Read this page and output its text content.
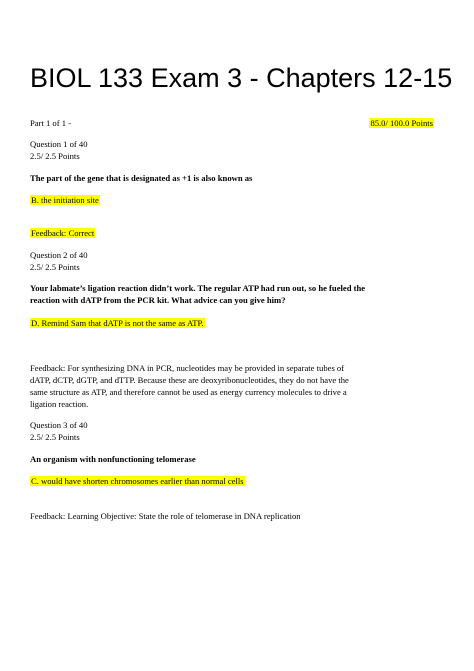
BIOL 133 Exam 3 - Chapters 12-15
Part 1 of 1 -	85.0/ 100.0 Points
Question 1 of 40
2.5/ 2.5 Points
The part of the gene that is designated as +1 is also known as
B. the initiation site
Feedback: Correct
Question 2 of 40
2.5/ 2.5 Points
Your labmate’s ligation reaction didn’t work. The regular ATP had run out, so he fueled the
reaction with dATP from the PCR kit. What advice can you give him?
D. Remind Sam that dATP is not the same as ATP.
Feedback: For synthesizing DNA in PCR, nucleotides may be provided in separate tubes of
dATP, dCTP, dGTP, and dTTP. Because these are deoxyribonucleotides, they do not have the
same structure as ATP, and therefore cannot be used as energy currency molecules to drive a
ligation reaction.
Question 3 of 40
2.5/ 2.5 Points
An organism with nonfunctioning telomerase
C. would have shorten chromosomes earlier than normal cells
Feedback: Learning Objective: State the role of telomerase in DNA replication
